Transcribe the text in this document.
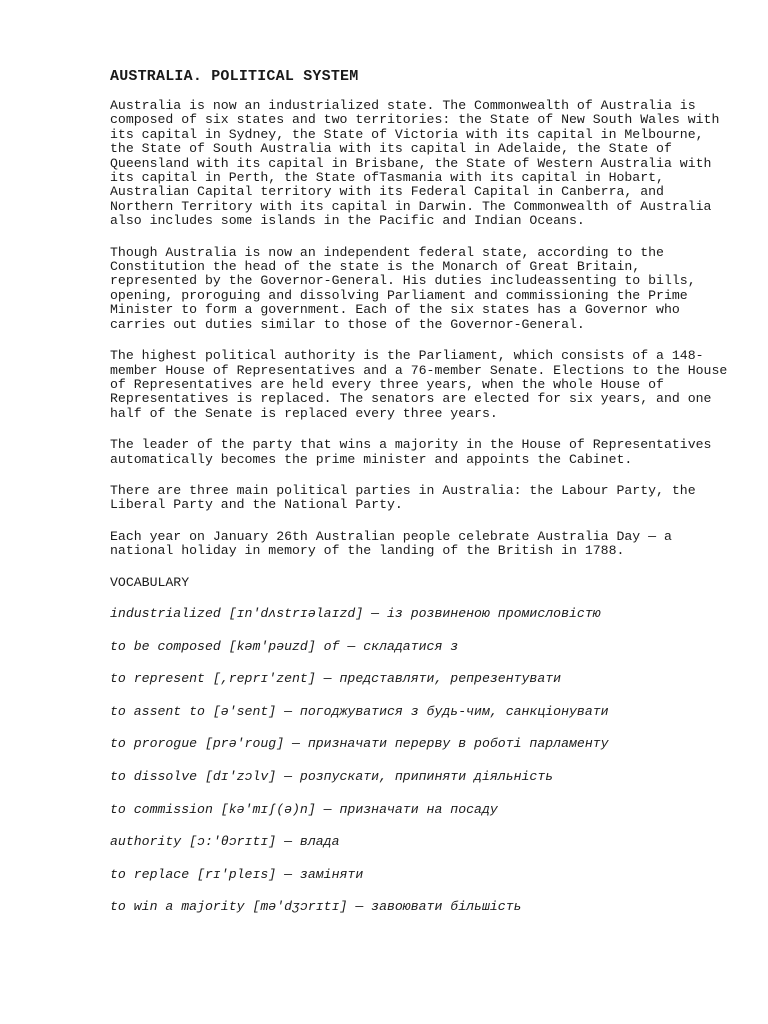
AUSTRALIA. POLITICAL SYSTEM

Australia is now an industrialized state. The Commonwealth of Australia is composed of six states and two territories: the State of New South Wales with its capital in Sydney, the State of Victoria with its capital in Melbourne, the State of South Australia with its capital in Adelaide, the State of Queensland with its capital in Brisbane, the State of Western Australia with its capital in Perth, the State ofTasmania with its capital in Hobart, Australian Capital territory with its Federal Capital in Canberra, and Northern Territory with its capital in Darwin. The Commonwealth of Australia also includes some islands in the Pacific and Indian Oceans.

Though Australia is now an independent federal state, according to the Constitution the head of the state is the Monarch of Great Britain, represented by the Governor-General. His duties includeassenting to bills, opening, proroguing and dissolving Parliament and commissioning the Prime Minister to form a government. Each of the six states has a Governor who carries out duties similar to those of the Governor-General.

The highest political authority is the Parliament, which consists of a 148-member House of Representatives and a 76-member Senate. Elections to the House of Representatives are held every three years, when the whole House of Representatives is replaced. The senators are elected for six years, and one half of the Senate is replaced every three years.

The leader of the party that wins a majority in the House of Representatives automatically becomes the prime minister and appoints the Cabinet.

There are three main political parties in Australia: the Labour Party, the Liberal Party and the National Party.

Each year on January 26th Australian people celebrate Australia Day — a national holiday in memory of the landing of the British in 1788.

VOCABULARY
industrialized [ɪn'dʌstrɪəlaɪzd] — із розвиненою промисловістю
to be composed [kəm'pəuzd] of — складатися з
to represent [,reprɪ'zent] — представляти, репрезентувати
to assent to [ə'sent] — погоджуватися з будь-чим, санкціонувати
to prorogue [prə'roug] — призначати перерву в роботі парламенту
to dissolve [dɪ'zɔlv] — розпускати, припиняти діяльність
to commission [kə'mɪʃ(ə)n] — призначати на посаду
authority [ɔ:'θɔrɪtɪ] — влада
to replace [rɪ'pleɪs] — заміняти
to win a majority [mə'dʒɔrɪtɪ] — завоювати більшість
